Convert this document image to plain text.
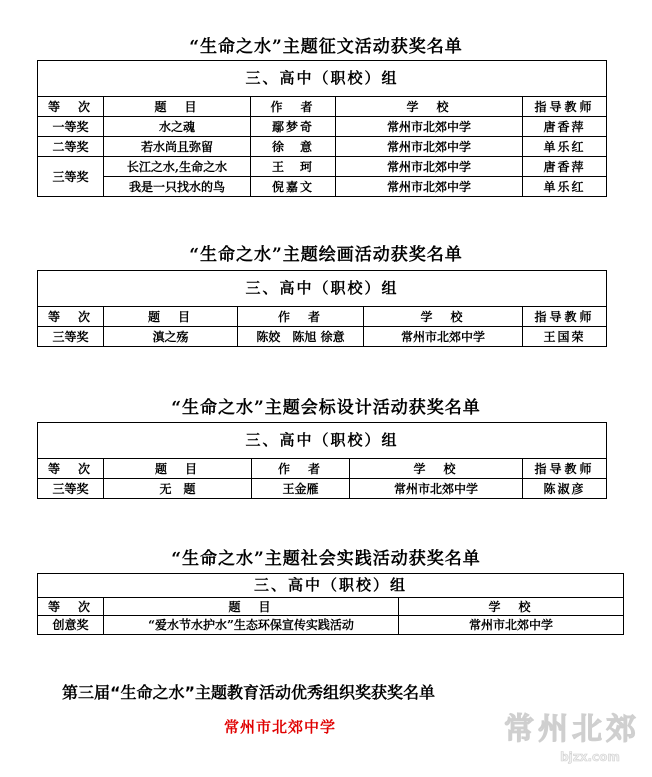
“生命之水”主题征文活动获奖名单
三、高中（职校）组				
等　次	题　目	作　者	学　校	指导教师
一等奖	水之魂	鄢梦奇	常州市北郊中学	唐香萍
二等奖	若水尚且弥留	徐　意	常州市北郊中学	单乐红
三等奖	长江之水,生命之水	王　珂	常州市北郊中学	唐香萍
	我是一只找水的鸟	倪嘉文	常州市北郊中学	单乐红
“生命之水”主题绘画活动获奖名单
三、高中（职校）组				
等　次	题　目	作　者	学　校	指导教师
三等奖	滇之殇	陈姣　陈旭 徐意	常州市北郊中学	王国荣
“生命之水”主题会标设计活动获奖名单
三、高中（职校）组				
等　次	题　目	作　者	学　校	指导教师
三等奖	无　题	王金雁	常州市北郊中学	陈淑彦
“生命之水”主题社会实践活动获奖名单
三、高中（职校）组		
等　次	题　目	学　校
创意奖	“爱水节水护水”生态环保宣传实践活动	常州市北郊中学
第三届“生命之水”主题教育活动优秀组织奖获奖名单
常州市北郊中学	常州北郊
bjzx.com
